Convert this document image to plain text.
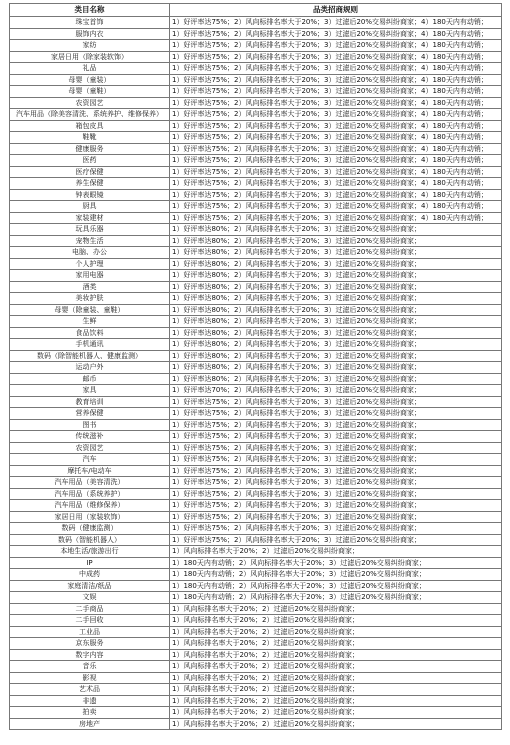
类目名称	品类招商规则
珠宝首饰	1）好评率达75%；2）风向标排名率大于20%；3）过滤后20%交易纠纷商家；4）180天内有动销；
服饰内衣	1）好评率达75%；2）风向标排名率大于20%；3）过滤后20%交易纠纷商家；4）180天内有动销；
家纺	1）好评率达75%；2）风向标排名率大于20%；3）过滤后20%交易纠纷商家；4）180天内有动销；
家居日用（除家装软饰）	1）好评率达75%；2）风向标排名率大于20%；3）过滤后20%交易纠纷商家；4）180天内有动销；
礼品	1）好评率达75%；2）风向标排名率大于20%；3）过滤后20%交易纠纷商家；4）180天内有动销；
母婴（童装）	1）好评率达75%；2）风向标排名率大于20%；3）过滤后20%交易纠纷商家；4）180天内有动销；
母婴（童鞋）	1）好评率达75%；2）风向标排名率大于20%；3）过滤后20%交易纠纷商家；4）180天内有动销；
农资园艺	1）好评率达75%；2）风向标排名率大于20%；3）过滤后20%交易纠纷商家；4）180天内有动销；
汽车用品（除美容清洗、系统养护、维修保养）	1）好评率达75%；2）风向标排名率大于20%；3）过滤后20%交易纠纷商家；4）180天内有动销；
箱包皮具	1）好评率达75%；2）风向标排名率大于20%；3）过滤后20%交易纠纷商家；4）180天内有动销；
鞋靴	1）好评率达75%；2）风向标排名率大于20%；3）过滤后20%交易纠纷商家；4）180天内有动销；
健康服务	1）好评率达75%；2）风向标排名率大于20%；3）过滤后20%交易纠纷商家；4）180天内有动销；
医药	1）好评率达75%；2）风向标排名率大于20%；3）过滤后20%交易纠纷商家；4）180天内有动销；
医疗保健	1）好评率达75%；2）风向标排名率大于20%；3）过滤后20%交易纠纷商家；4）180天内有动销；
养生保健	1）好评率达75%；2）风向标排名率大于20%；3）过滤后20%交易纠纷商家；4）180天内有动销；
钟表眼镜	1）好评率达75%；2）风向标排名率大于20%；3）过滤后20%交易纠纷商家；4）180天内有动销；
厨具	1）好评率达75%；2）风向标排名率大于20%；3）过滤后20%交易纠纷商家；4）180天内有动销；
家装建材	1）好评率达75%；2）风向标排名率大于20%；3）过滤后20%交易纠纷商家；4）180天内有动销；
玩具乐器	1）好评率达80%；2）风向标排名率大于20%；3）过滤后20%交易纠纷商家；
宠物生活	1）好评率达80%；2）风向标排名率大于20%；3）过滤后20%交易纠纷商家；
电脑、办公	1）好评率达80%；2）风向标排名率大于20%；3）过滤后20%交易纠纷商家；
个人护理	1）好评率达80%；2）风向标排名率大于20%；3）过滤后20%交易纠纷商家；
家用电器	1）好评率达80%；2）风向标排名率大于20%；3）过滤后20%交易纠纷商家；
酒类	1）好评率达80%；2）风向标排名率大于20%；3）过滤后20%交易纠纷商家；
美妆护肤	1）好评率达80%；2）风向标排名率大于20%；3）过滤后20%交易纠纷商家；
母婴（除童装、童鞋）	1）好评率达80%；2）风向标排名率大于20%；3）过滤后20%交易纠纷商家；
生鲜	1）好评率达80%；2）风向标排名率大于20%；3）过滤后20%交易纠纷商家；
食品饮料	1）好评率达80%；2）风向标排名率大于20%；3）过滤后20%交易纠纷商家；
手机通讯	1）好评率达80%；2）风向标排名率大于20%；3）过滤后20%交易纠纷商家；
数码（除智能机器人、健康监测）	1）好评率达80%；2）风向标排名率大于20%；3）过滤后20%交易纠纷商家；
运动户外	1）好评率达80%；2）风向标排名率大于20%；3）过滤后20%交易纠纷商家；
邮币	1）好评率达80%；2）风向标排名率大于20%；3）过滤后20%交易纠纷商家；
家具	1）好评率达70%；2）风向标排名率大于20%；3）过滤后20%交易纠纷商家；
教育培训	1）好评率达75%；2）风向标排名率大于20%；3）过滤后20%交易纠纷商家；
营养保健	1）好评率达75%；2）风向标排名率大于20%；3）过滤后20%交易纠纷商家；
图书	1）好评率达75%；2）风向标排名率大于20%；3）过滤后20%交易纠纷商家；
传统滋补	1）好评率达75%；2）风向标排名率大于20%；3）过滤后20%交易纠纷商家；
农资园艺	1）好评率达75%；2）风向标排名率大于20%；3）过滤后20%交易纠纷商家；
汽车	1）好评率达75%；2）风向标排名率大于20%；3）过滤后20%交易纠纷商家；
摩托车/电动车	1）好评率达75%；2）风向标排名率大于20%；3）过滤后20%交易纠纷商家；
汽车用品（美容清洗）	1）好评率达75%；2）风向标排名率大于20%；3）过滤后20%交易纠纷商家；
汽车用品（系统养护）	1）好评率达75%；2）风向标排名率大于20%；3）过滤后20%交易纠纷商家；
汽车用品（维修保养）	1）好评率达75%；2）风向标排名率大于20%；3）过滤后20%交易纠纷商家；
家居日用（家装软饰）	1）好评率达75%；2）风向标排名率大于20%；3）过滤后20%交易纠纷商家；
数码（健康监测）	1）好评率达75%；2）风向标排名率大于20%；3）过滤后20%交易纠纷商家；
数码（智能机器人）	1）好评率达75%；2）风向标排名率大于20%；3）过滤后20%交易纠纷商家；
本地生活/旅游出行	1）风向标排名率大于20%；2）过滤后20%交易纠纷商家；
IP	1）180天内有动销；2）风向标排名率大于20%；3）过滤后20%交易纠纷商家；
中成药	1）180天内有动销；2）风向标排名率大于20%；3）过滤后20%交易纠纷商家；
家庭清洁/纸品	1）180天内有动销；2）风向标排名率大于20%；3）过滤后20%交易纠纷商家；
文娱	1）180天内有动销；2）风向标排名率大于20%；3）过滤后20%交易纠纷商家；
二手商品	1）风向标排名率大于20%；2）过滤后20%交易纠纷商家；
二手回收	1）风向标排名率大于20%；2）过滤后20%交易纠纷商家；
工业品	1）风向标排名率大于20%；2）过滤后20%交易纠纷商家；
京东服务	1）风向标排名率大于20%；2）过滤后20%交易纠纷商家；
数字内容	1）风向标排名率大于20%；2）过滤后20%交易纠纷商家；
音乐	1）风向标排名率大于20%；2）过滤后20%交易纠纷商家；
影视	1）风向标排名率大于20%；2）过滤后20%交易纠纷商家；
艺术品	1）风向标排名率大于20%；2）过滤后20%交易纠纷商家；
非遗	1）风向标排名率大于20%；2）过滤后20%交易纠纷商家；
拍卖	1）风向标排名率大于20%；2）过滤后20%交易纠纷商家；
房地产	1）风向标排名率大于20%；2）过滤后20%交易纠纷商家；
